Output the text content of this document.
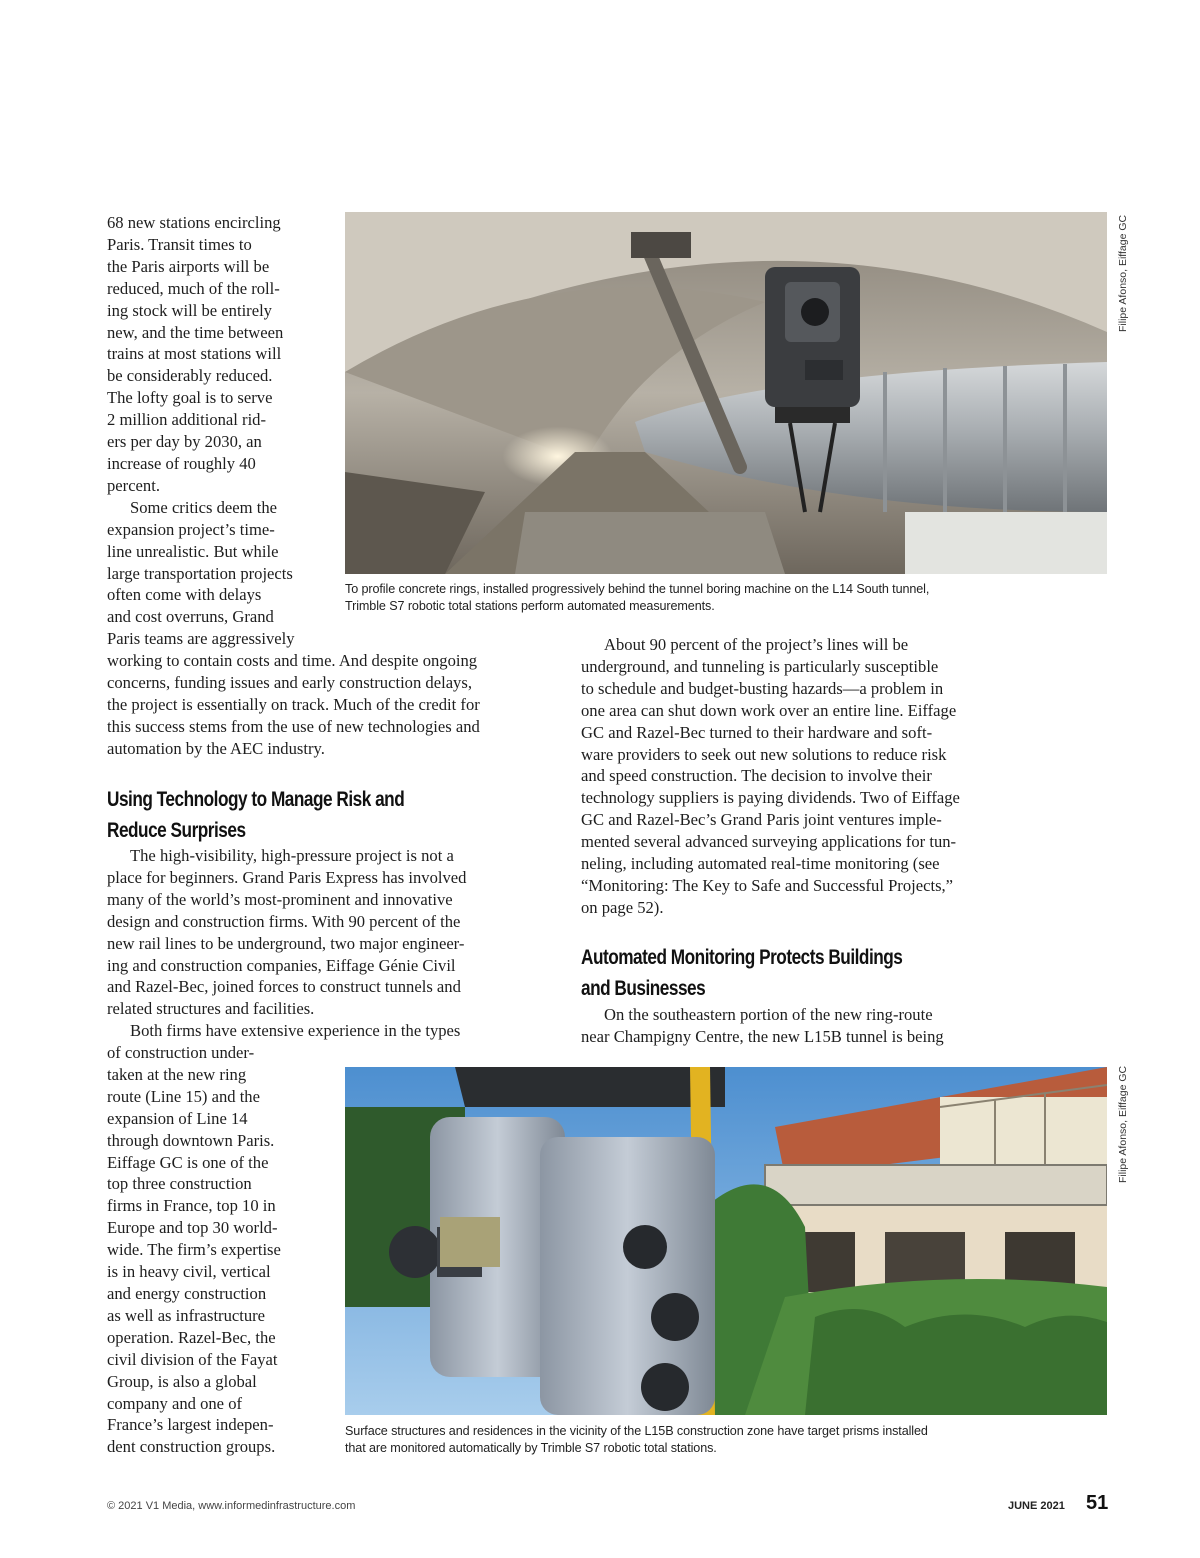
68 new stations encircling
Paris. Transit times to
the Paris airports will be
reduced, much of the roll-
ing stock will be entirely
new, and the time between
trains at most stations will
be considerably reduced.
The lofty goal is to serve
2 million additional rid-
ers per day by 2030, an
increase of roughly 40
percent.
Some critics deem the
expansion project’s time-
line unrealistic. But while
large transportation projects
often come with delays
and cost overruns, Grand
Paris teams are aggressively
working to contain costs and time. And despite ongoing
concerns, funding issues and early construction delays,
the project is essentially on track. Much of the credit for
this success stems from the use of new technologies and
automation by the AEC industry.
Using Technology to Manage Risk and
Reduce Surprises
The high-visibility, high-pressure project is not a
place for beginners. Grand Paris Express has involved
many of the world’s most-prominent and innovative
design and construction firms. With 90 percent of the
new rail lines to be underground, two major engineer-
ing and construction companies, Eiffage Génie Civil
and Razel-Bec, joined forces to construct tunnels and
related structures and facilities.
Both firms have extensive experience in the types
of construction under-
taken at the new ring
route (Line 15) and the
expansion of Line 14
through downtown Paris.
Eiffage GC is one of the
top three construction
firms in France, top 10 in
Europe and top 30 world-
wide. The firm’s expertise
is in heavy civil, vertical
and energy construction
as well as infrastructure
operation. Razel-Bec, the
civil division of the Fayat
Group, is also a global
company and one of
France’s largest indepen-
dent construction groups.
About 90 percent of the project’s lines will be
underground, and tunneling is particularly susceptible
to schedule and budget-busting hazards—a problem in
one area can shut down work over an entire line. Eiffage
GC and Razel-Bec turned to their hardware and soft-
ware providers to seek out new solutions to reduce risk
and speed construction. The decision to involve their
technology suppliers is paying dividends. Two of Eiffage
GC and Razel-Bec’s Grand Paris joint ventures imple-
mented several advanced surveying applications for tun-
neling, including automated real-time monitoring (see
“Monitoring: The Key to Safe and Successful Projects,”
on page 52).
Automated Monitoring Protects Buildings
and Businesses
On the southeastern portion of the new ring-route
near Champigny Centre, the new L15B tunnel is being
To profile concrete rings, installed progressively behind the tunnel boring machine on the L14 South tunnel,
Trimble S7 robotic total stations perform automated measurements.
Filipe Afonso, Eiffage GC
Surface structures and residences in the vicinity of the L15B construction zone have target prisms installed
that are monitored automatically by Trimble S7 robotic total stations.
Filipe Afonso, Eiffage GC
© 2021 V1 Media, www.informedinfrastructure.com	JUNE 2021 51
